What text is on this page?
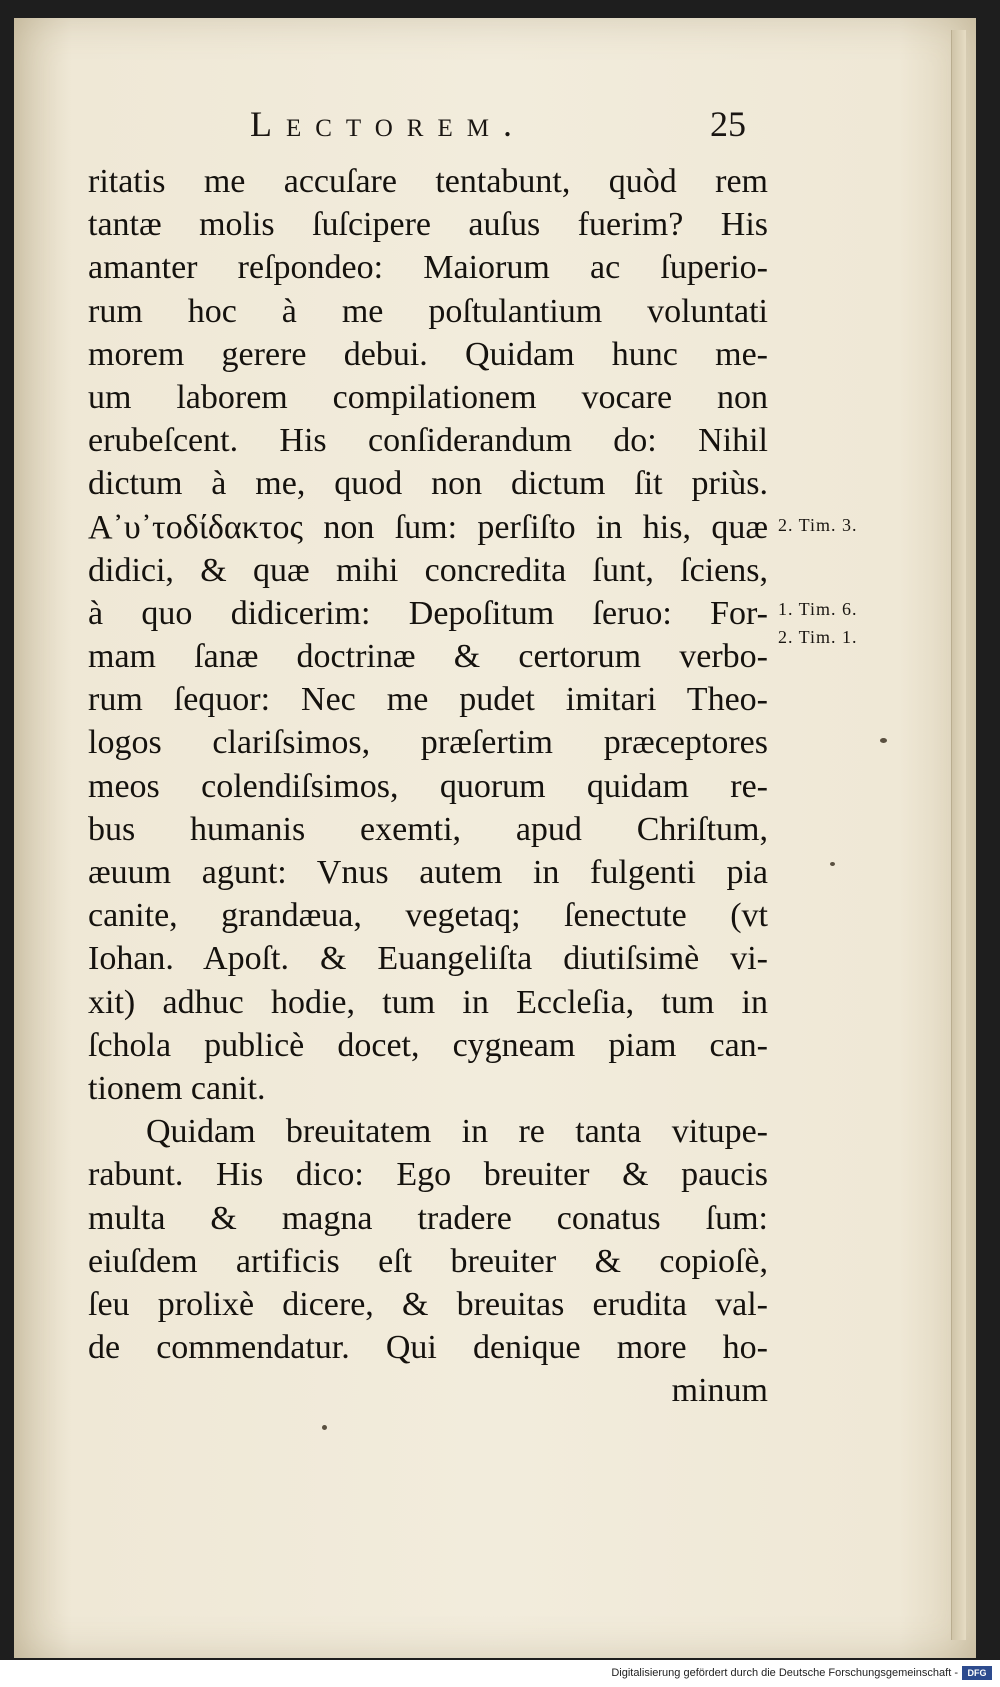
Lectorem.	25
ritatis me accuſare tentabunt, quòd rem
tantæ molis ſuſcipere auſus fuerim? His
amanter reſpondeo: Maiorum ac ſuperio-
rum hoc à me poſtulantium voluntati
morem gerere debui. Quidam hunc me-
um laborem compilationem vocare non
erubeſcent. His conſiderandum do: Nihil
dictum à me, quod non dictum ſit priùs.
Α᾽υ᾽τοδίδακτος non ſum: perſiſto in his, quæ
didici, & quæ mihi concredita ſunt, ſciens,
à quo didicerim: Depoſitum ſeruo: For-
mam ſanæ doctrinæ & certorum verbo-
rum ſequor: Nec me pudet imitari Theo-
logos clariſsimos, præſertim præceptores
meos colendiſsimos, quorum quidam re-
bus humanis exemti, apud Chriſtum,
æuum agunt: Vnus autem in fulgenti pia
canite, grandæua, vegetaq; ſenectute (vt
Iohan. Apoſt. & Euangeliſta diutiſsimè vi-
xit) adhuc hodie, tum in Eccleſia, tum in
ſchola publicè docet, cygneam piam can-
tionem canit.
Quidam breuitatem in re tanta vitupe-
rabunt. His dico: Ego breuiter & paucis
multa & magna tradere conatus ſum:
eiuſdem artificis eſt breuiter & copioſè,
ſeu prolixè dicere, & breuitas erudita val-
de commendatur. Qui denique more ho-
minum
2. Tim. 3.
1. Tim. 6.
2. Tim. 1.
Digitalisierung gefördert durch die Deutsche Forschungsgemeinschaft -	DFG
